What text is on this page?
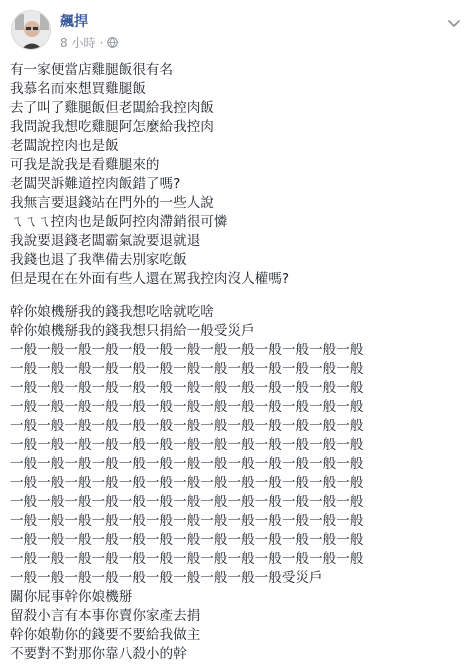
飆捍
8 小時 ·
有一家便當店雞腿飯很有名
我慕名而來想買雞腿飯
去了叫了雞腿飯但老闆給我控肉飯
我問說我想吃雞腿阿怎麼給我控肉
老闆說控肉也是飯
可我是說我是看雞腿來的
老闆哭訴難道控肉飯錯了嗎?
我無言要退錢站在門外的一些人說
ㄟㄟㄟ控肉也是飯阿控肉滯銷很可憐
我說要退錢老闆霸氣說要退就退
我錢也退了我準備去別家吃飯
但是現在在外面有些人還在罵我控肉沒人權嗎?
幹你娘機掰我的錢我想吃啥就吃啥
幹你娘機掰我的錢我想只捐給一般受災戶
一般一般一般一般一般一般一般一般一般一般一般一般一般
一般一般一般一般一般一般一般一般一般一般一般一般一般
一般一般一般一般一般一般一般一般一般一般一般一般一般
一般一般一般一般一般一般一般一般一般一般一般一般一般
一般一般一般一般一般一般一般一般一般一般一般一般一般
一般一般一般一般一般一般一般一般一般一般一般一般一般
一般一般一般一般一般一般一般一般一般一般一般一般一般
一般一般一般一般一般一般一般一般一般一般一般一般一般
一般一般一般一般一般一般一般一般一般一般一般一般一般
一般一般一般一般一般一般一般一般一般一般一般一般一般
一般一般一般一般一般一般一般一般一般一般一般一般一般
一般一般一般一般一般一般一般一般一般一般一般一般一般
一般一般一般一般一般一般一般一般一般一般受災戶
關你屁事幹你娘機掰
留殺小言有本事你賣你家產去捐
幹你娘勒你的錢要不要給我做主
不要對不對那你靠八殺小的幹
